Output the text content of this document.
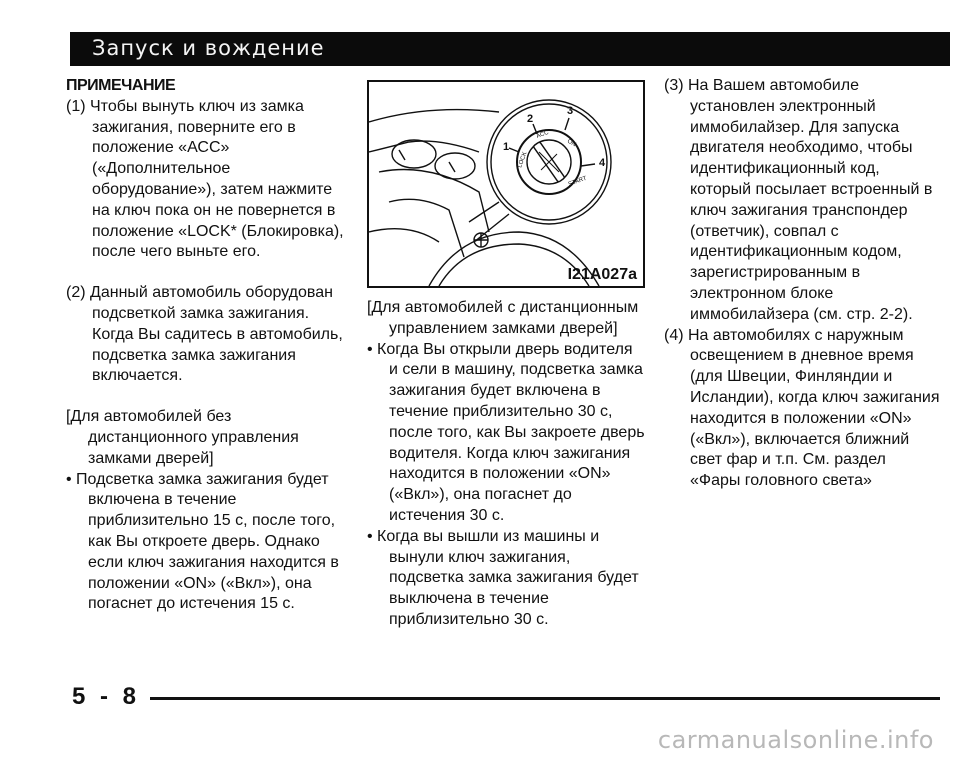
Запуск и вождение

ПРИМЕЧАНИЕ

(1) Чтобы вынуть ключ из замка зажигания, поверните его в положение «АСС» («Дополнительное оборудование»), затем нажмите на ключ пока он не повернется в положение «LOCK* (Блокировка), после чего выньте его.

(2) Данный автомобиль оборудован подсветкой замка зажигания. Когда Вы садитесь в автомобиль, подсветка замка зажигания включается.

[Для автомобилей без дистанционного управления замками дверей]

• Подсветка замка зажигания будет включена в течение приблизительно 15 с, после того, как Вы откроете дверь. Однако если ключ зажигания находится в положении «ON» («Вкл»), она погаснет до истечения 15 с.

2
3
1
4
LOCK
ACC
ON
START
I21A027a

[Для автомобилей с дистанционным управлением замками дверей]

• Когда Вы открыли дверь водителя и сели в машину, подсветка замка зажигания будет включена в течение приблизительно 30 с, после того, как Вы закроете дверь водителя. Когда ключ зажигания находится в положении «ON» («Вкл»), она погаснет до истечения 30 с.

• Когда вы вышли из машины и вынули ключ зажигания, подсветка замка зажигания будет выключена в течение приблизительно 30 с.

(3) На Вашем автомобиле установлен электронный иммобилайзер. Для запуска двигателя необходимо, чтобы идентификационный код, который посылает встроенный в ключ зажигания транспондер (ответчик), совпал с идентификационным кодом, зарегистрированным в электронном блоке иммобилайзера (см. стр. 2-2).

(4) На автомобилях с наружным освещением в дневное время (для Швеции, Финляндии и Исландии), когда ключ зажигания находится в положении «ON» («Вкл»), включается ближний свет фар и т.п. См. раздел «Фары головного света»

5 - 8
carmanualsonline.info
